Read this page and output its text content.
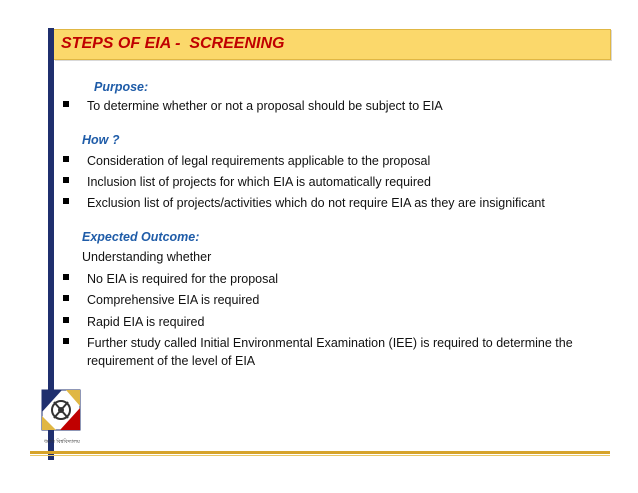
STEPS OF EIA -  SCREENING
Purpose:
To determine whether or not a proposal should be subject to EIA
How ?
Consideration of legal requirements applicable to the proposal
Inclusion list of projects for which EIA is automatically required
Exclusion list of projects/activities which do not require EIA as they are insignificant
Expected Outcome:
Understanding whether
No EIA is required for the proposal
Comprehensive EIA is required
Rapid EIA is required
Further study called Initial Environmental Examination (IEE) is required to determine the requirement of the level of EIA
ধর্মাত বিশ্ববিদ্যালয়
